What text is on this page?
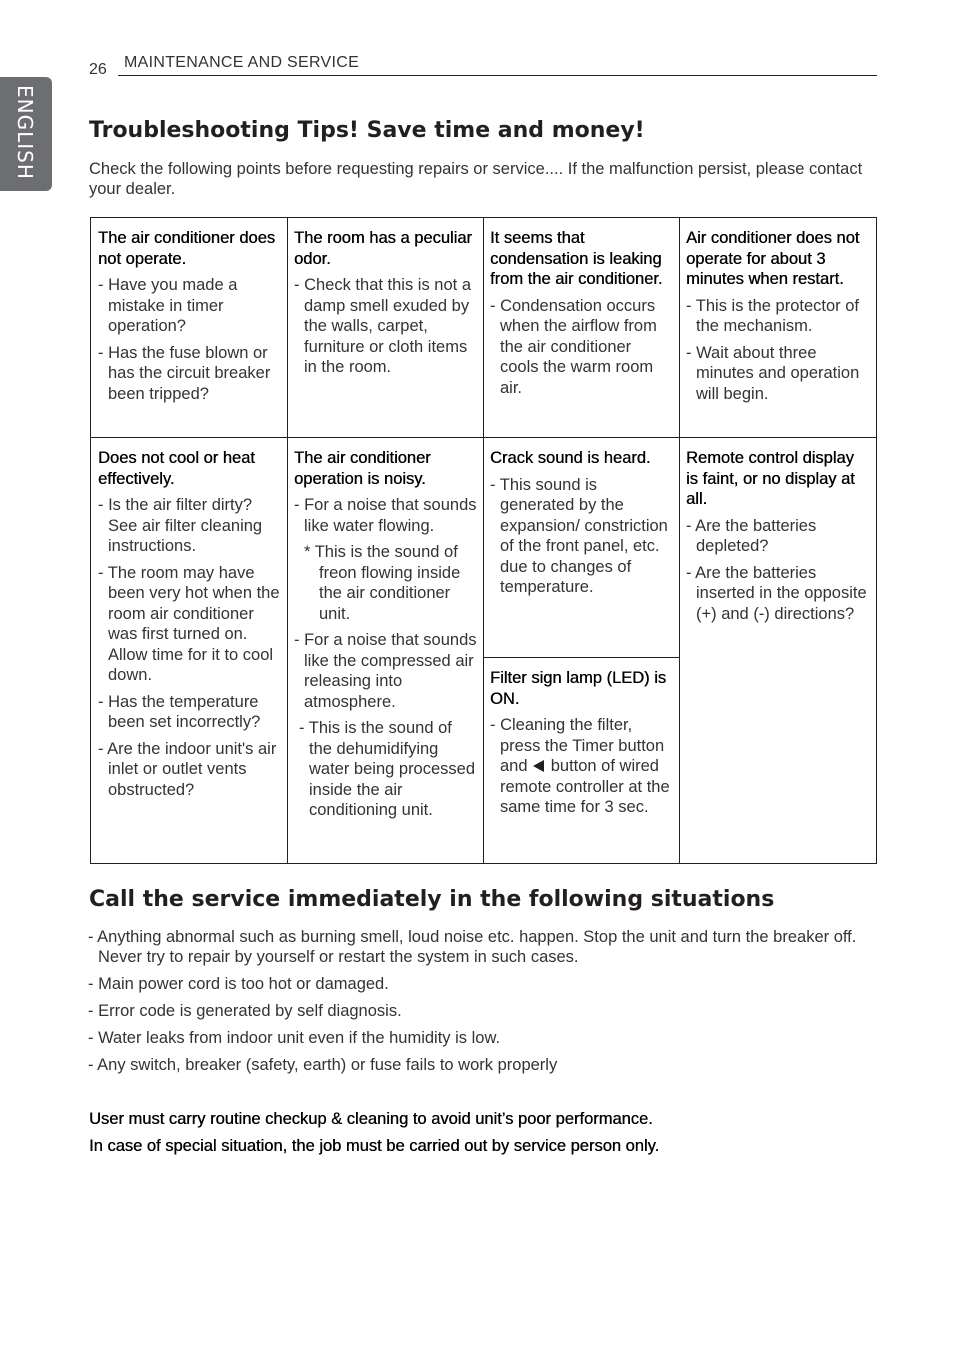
ENGLISH
26 MAINTENANCE AND SERVICE
Troubleshooting Tips! Save time and money!

Check the following points before requesting repairs or service.... If the malfunction persist, please contact your dealer.

The air conditioner does not operate.
- Have you made a mistake in timer operation?
- Has the fuse blown or has the circuit breaker been tripped?
The room has a peculiar odor.
- Check that this is not a damp smell exuded by the walls, carpet, furniture or cloth items in the room.
It seems that condensation is leaking from the air conditioner.
- Condensation occurs when the airflow from the air conditioner cools the warm room air.
Air conditioner does not operate for about 3 minutes when restart.
- This is the protector of the mechanism.
- Wait about three minutes and operation will begin.
Does not cool or heat effectively.
- Is the air filter dirty? See air filter cleaning instructions.
- The room may have been very hot when the room air conditioner was first turned on. Allow time for it to cool down.
- Has the temperature been set incorrectly?
- Are the indoor unit's air inlet or outlet vents obstructed?
The air conditioner operation is noisy.
- For a noise that sounds like water flowing.
* This is the sound of freon flowing inside the air conditioner unit.
- For a noise that sounds like the compressed air releasing into atmosphere.
- This is the sound of the dehumidifying water being processed inside the air conditioning unit.
Crack sound is heard.
- This sound is generated by the expansion/ constriction of the front panel, etc. due to changes of temperature.
Filter sign lamp (LED) is ON.
- Cleaning the filter, press the Timer button and button of wired remote controller at the same time for 3 sec.
Remote control display is faint, or no display at all.
- Are the batteries depleted?
- Are the batteries inserted in the opposite (+) and (-) directions?
Call the service immediately in the following situations
- Anything abnormal such as burning smell, loud noise etc. happen. Stop the unit and turn the breaker off. Never try to repair by yourself or restart the system in such cases.
- Main power cord is too hot or damaged.
- Error code is generated by self diagnosis.
- Water leaks from indoor unit even if the humidity is low.
- Any switch, breaker (safety, earth) or fuse fails to work properly

User must carry routine checkup & cleaning to avoid unit’s poor performance.

In case of special situation, the job must be carried out by service person only.
